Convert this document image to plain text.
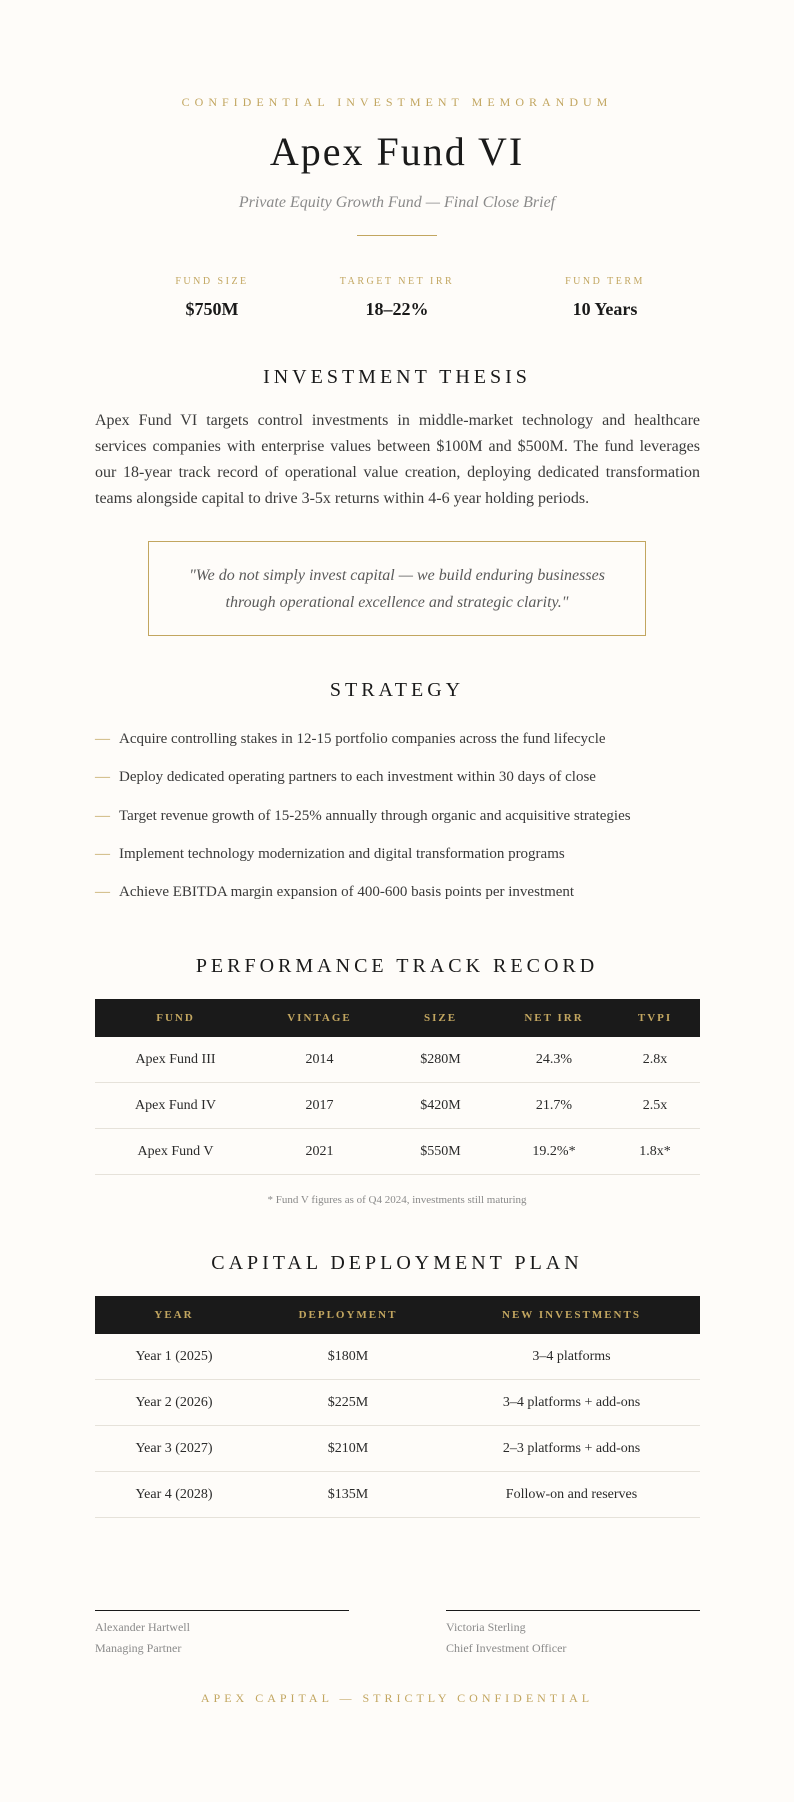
CONFIDENTIAL INVESTMENT MEMORANDUM
Apex Fund VI
Private Equity Growth Fund — Final Close Brief
FUND SIZE
$750M
TARGET NET IRR
18–22%
FUND TERM
10 Years
INVESTMENT THESIS
Apex Fund VI targets control investments in middle-market technology and healthcare services companies with enterprise values between $100M and $500M. The fund leverages our 18-year track record of operational value creation, deploying dedicated transformation teams alongside capital to drive 3-5x returns within 4-6 year holding periods.
"We do not simply invest capital — we build enduring businesses through operational excellence and strategic clarity."
STRATEGY
— Acquire controlling stakes in 12-15 portfolio companies across the fund lifecycle
— Deploy dedicated operating partners to each investment within 30 days of close
— Target revenue growth of 15-25% annually through organic and acquisitive strategies
— Implement technology modernization and digital transformation programs
— Achieve EBITDA margin expansion of 400-600 basis points per investment
PERFORMANCE TRACK RECORD
FUND	VINTAGE	SIZE	NET IRR	TVPI
Apex Fund III	2014	$280M	24.3%	2.8x
Apex Fund IV	2017	$420M	21.7%	2.5x
Apex Fund V	2021	$550M	19.2%*	1.8x*
* Fund V figures as of Q4 2024, investments still maturing
CAPITAL DEPLOYMENT PLAN
YEAR	DEPLOYMENT	NEW INVESTMENTS
Year 1 (2025)	$180M	3–4 platforms
Year 2 (2026)	$225M	3–4 platforms + add-ons
Year 3 (2027)	$210M	2–3 platforms + add-ons
Year 4 (2028)	$135M	Follow-on and reserves
Alexander Hartwell
Managing Partner
Victoria Sterling
Chief Investment Officer
APEX CAPITAL — STRICTLY CONFIDENTIAL
